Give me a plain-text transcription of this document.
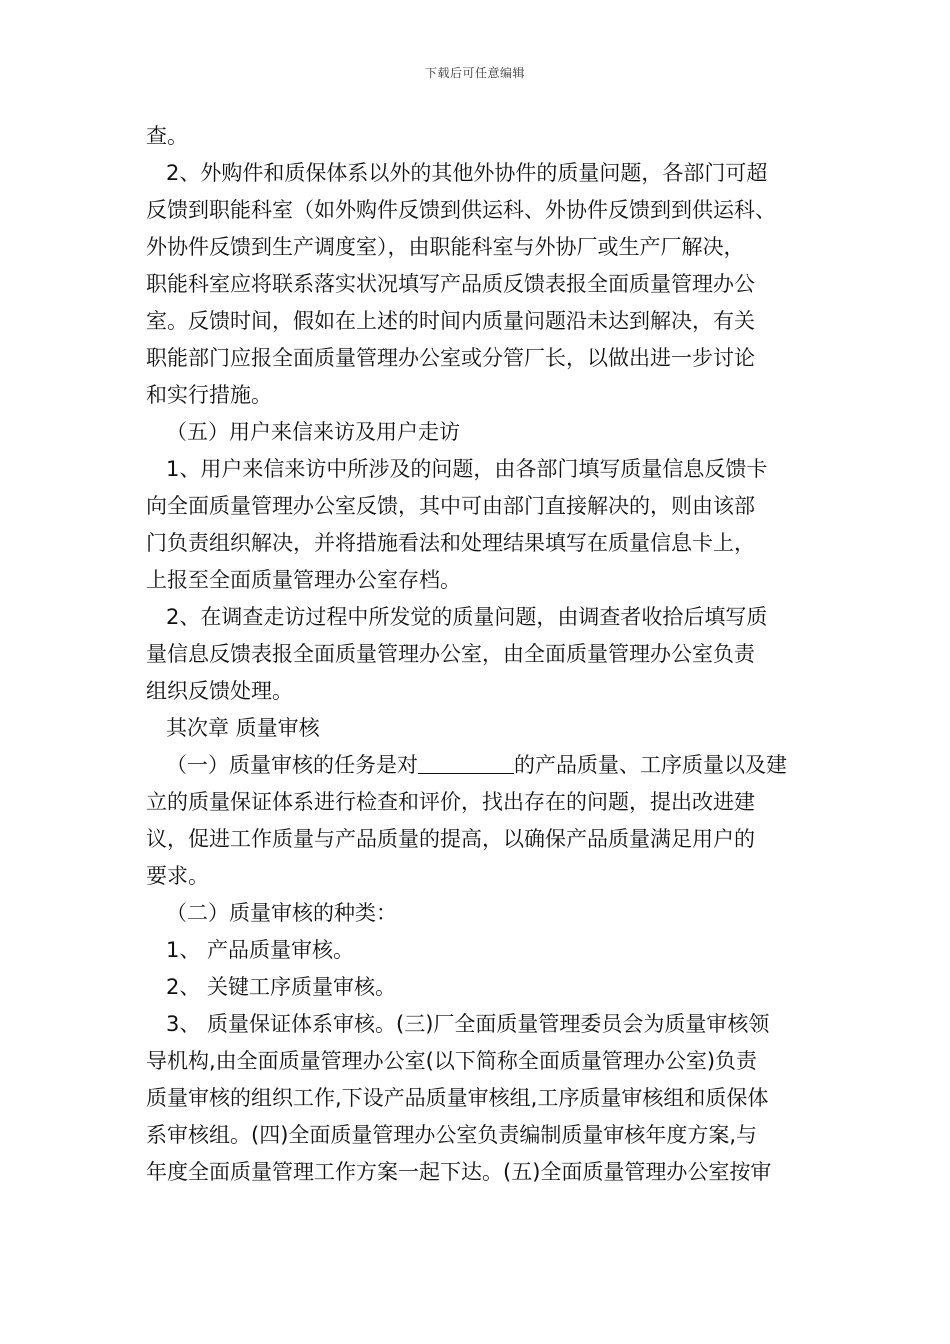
下载后可任意编辑
查。
2、外购件和质保体系以外的其他外协件的质量问题，各部门可超
反馈到职能科室（如外购件反馈到供运科、外协件反馈到到供运科、
外协件反馈到生产调度室），由职能科室与外协厂或生产厂解决，
职能科室应将联系落实状况填写产品质反馈表报全面质量管理办公
室。反馈时间，假如在上述的时间内质量问题沿未达到解决，有关
职能部门应报全面质量管理办公室或分管厂长，以做出进一步讨论
和实行措施。
（五）用户来信来访及用户走访
1、用户来信来访中所涉及的问题，由各部门填写质量信息反馈卡
向全面质量管理办公室反馈，其中可由部门直接解决的，则由该部
门负责组织解决，并将措施看法和处理结果填写在质量信息卡上，
上报至全面质量管理办公室存档。
2、在调查走访过程中所发觉的质量问题，由调查者收拾后填写质
量信息反馈表报全面质量管理办公室，由全面质量管理办公室负责
组织反馈处理。
其次章 质量审核
（一）质量审核的任务是对	的产品质量、工序质量以及建
立的质量保证体系进行检查和评价，找出存在的问题，提出改进建
议，促进工作质量与产品质量的提高，以确保产品质量满足用户的
要求。
（二）质量审核的种类：
1、 产品质量审核。
2、 关键工序质量审核。
3、 质量保证体系审核。(三)厂全面质量管理委员会为质量审核领
导机构,由全面质量管理办公室(以下简称全面质量管理办公室)负责
质量审核的组织工作,下设产品质量审核组,工序质量审核组和质保体
系审核组。(四)全面质量管理办公室负责编制质量审核年度方案,与
年度全面质量管理工作方案一起下达。(五)全面质量管理办公室按审
